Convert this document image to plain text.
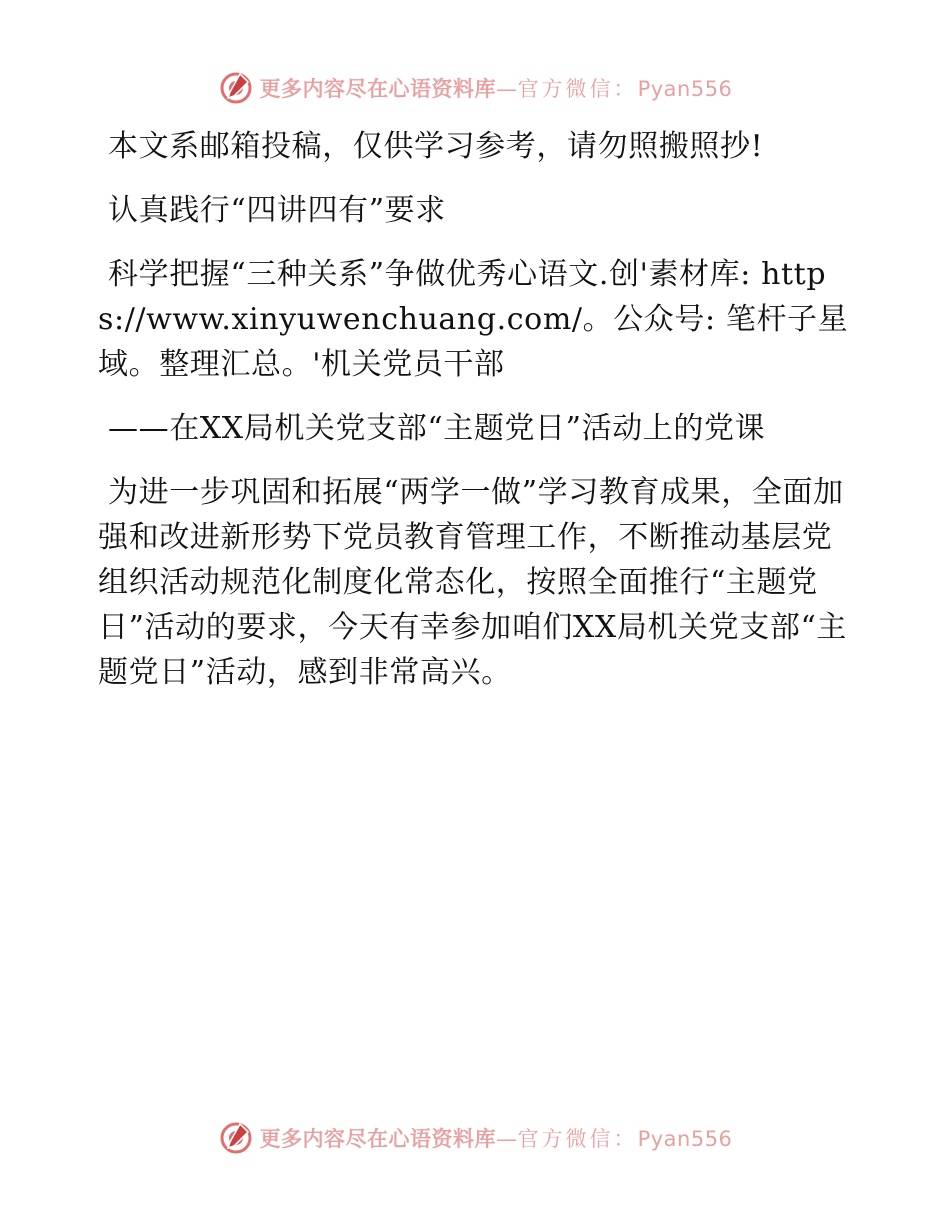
更多内容尽在心语资料库—官方微信：Pyan556

本文系邮箱投稿，仅供学习参考，请勿照搬照抄!

认真践行“四讲四有”要求

科学把握“三种关系”争做优秀心语文.创'素材库: https://www.xinyuwenchuang.com/。公众号: 笔杆子星域。整理汇总。'机关党员干部

——在XX局机关党支部“主题党日”活动上的党课

为进一步巩固和拓展“两学一做”学习教育成果，全面加强和改进新形势下党员教育管理工作，不断推动基层党组织活动规范化制度化常态化，按照全面推行“主题党日”活动的要求，今天有幸参加咱们XX局机关党支部“主题党日”活动，感到非常高兴。

更多内容尽在心语资料库—官方微信：Pyan556
